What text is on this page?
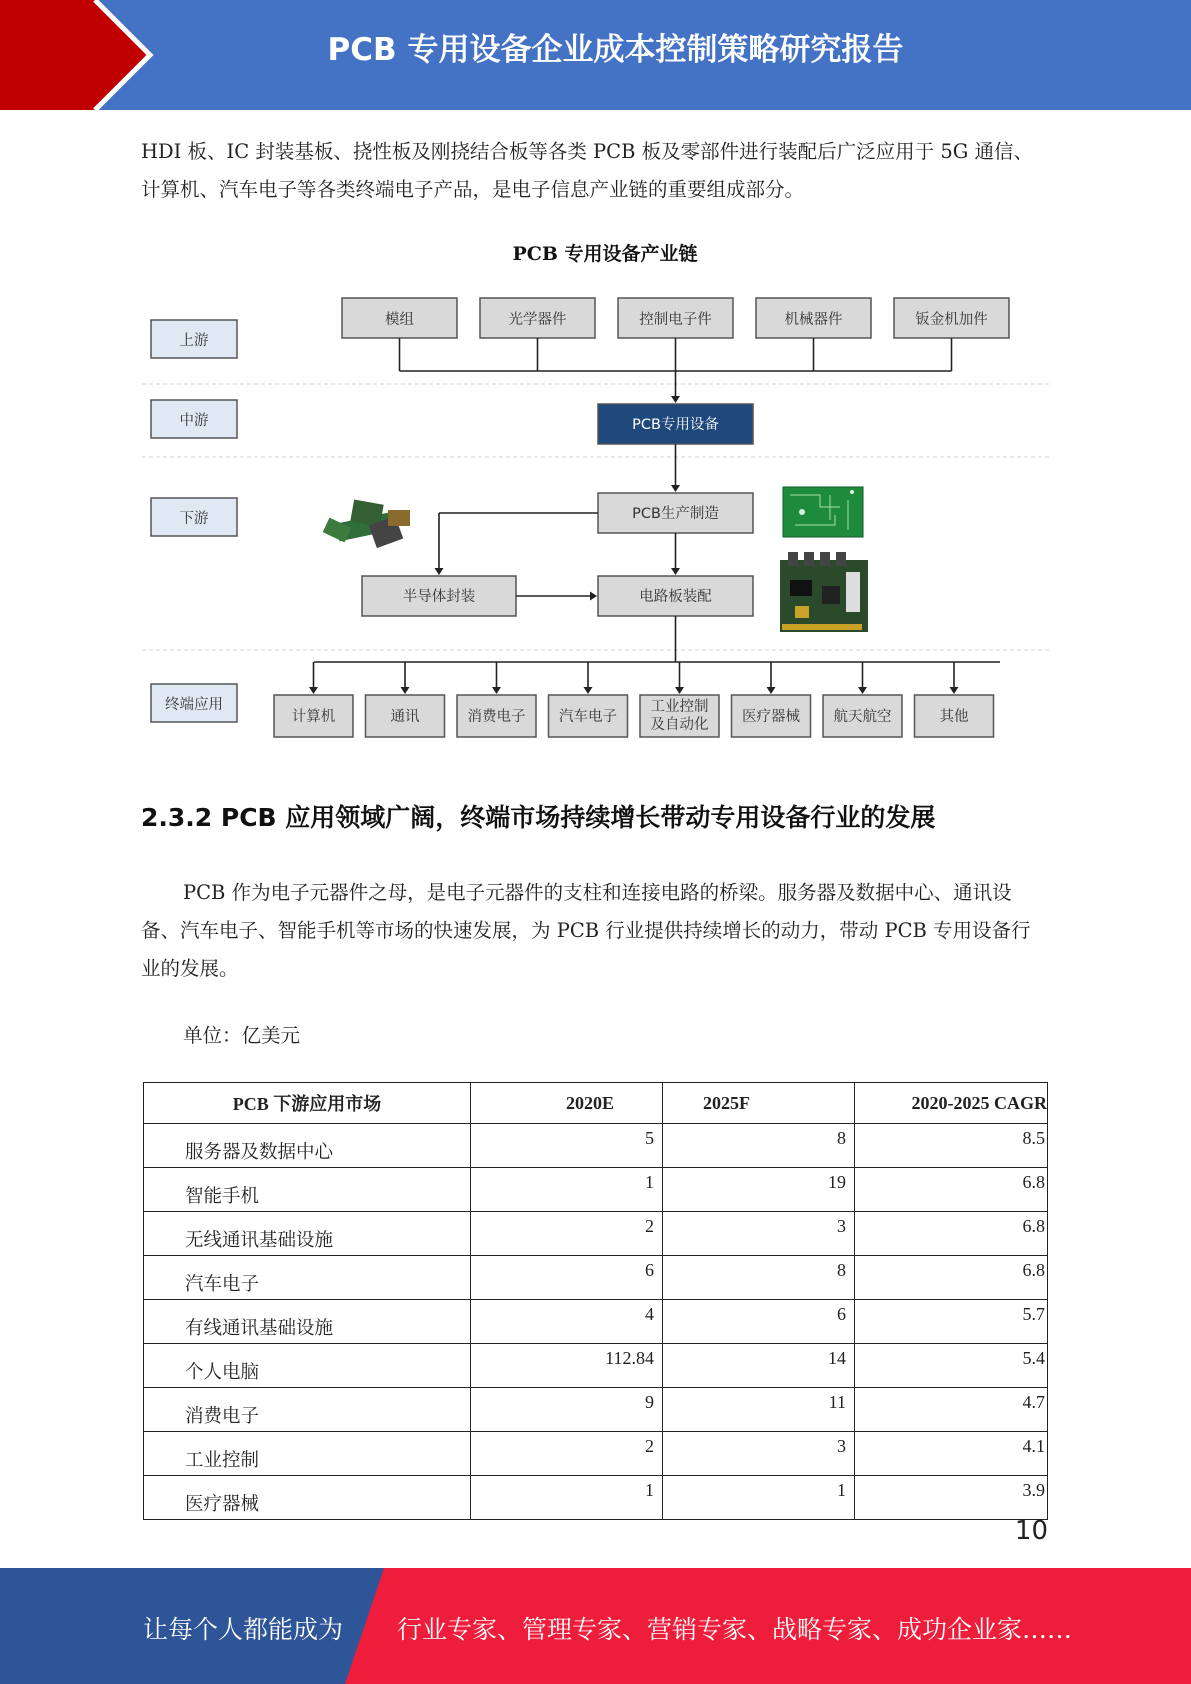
PCB 专用设备企业成本控制策略研究报告
HDI 板、IC 封装基板、挠性板及刚挠结合板等各类 PCB 板及零部件进行装配后广泛应用于 5G 通信、计算机、汽车电子等各类终端电子产品，是电子信息产业链的重要组成部分。
PCB 专用设备产业链
上游
中游
下游
终端应用
模组	光学器件	控制电子件	机械器件	钣金机加件
PCB专用设备
PCB生产制造
半导体封装	电路板装配
计算机	通讯	消费电子 汽车电子
工业控制
及自动化 医疗器械 航天航空	其他
2.3.2 PCB 应用领域广阔，终端市场持续增长带动专用设备行业的发展
PCB 作为电子元器件之母，是电子元器件的支柱和连接电路的桥梁。服务器及数据中心、通讯设备、汽车电子、智能手机等市场的快速发展，为 PCB 行业提供持续增长的动力，带动 PCB 专用设备行业的发展。
单位：亿美元
PCB 下游应用市场	2020E	2025F	2020-2025 CAGR
服务器及数据中心	5	8	8.5
智能手机	1	19	6.8
无线通讯基础设施	2	3	6.8
汽车电子	6	8	6.8
有线通讯基础设施	4	6	5.7
个人电脑	112.84	14	5.4
消费电子	9	11	4.7
工业控制	2	3	4.1
医疗器械	1	1	3.9
10
让每个人都能成为 行业专家、管理专家、营销专家、战略专家、成功企业家……
